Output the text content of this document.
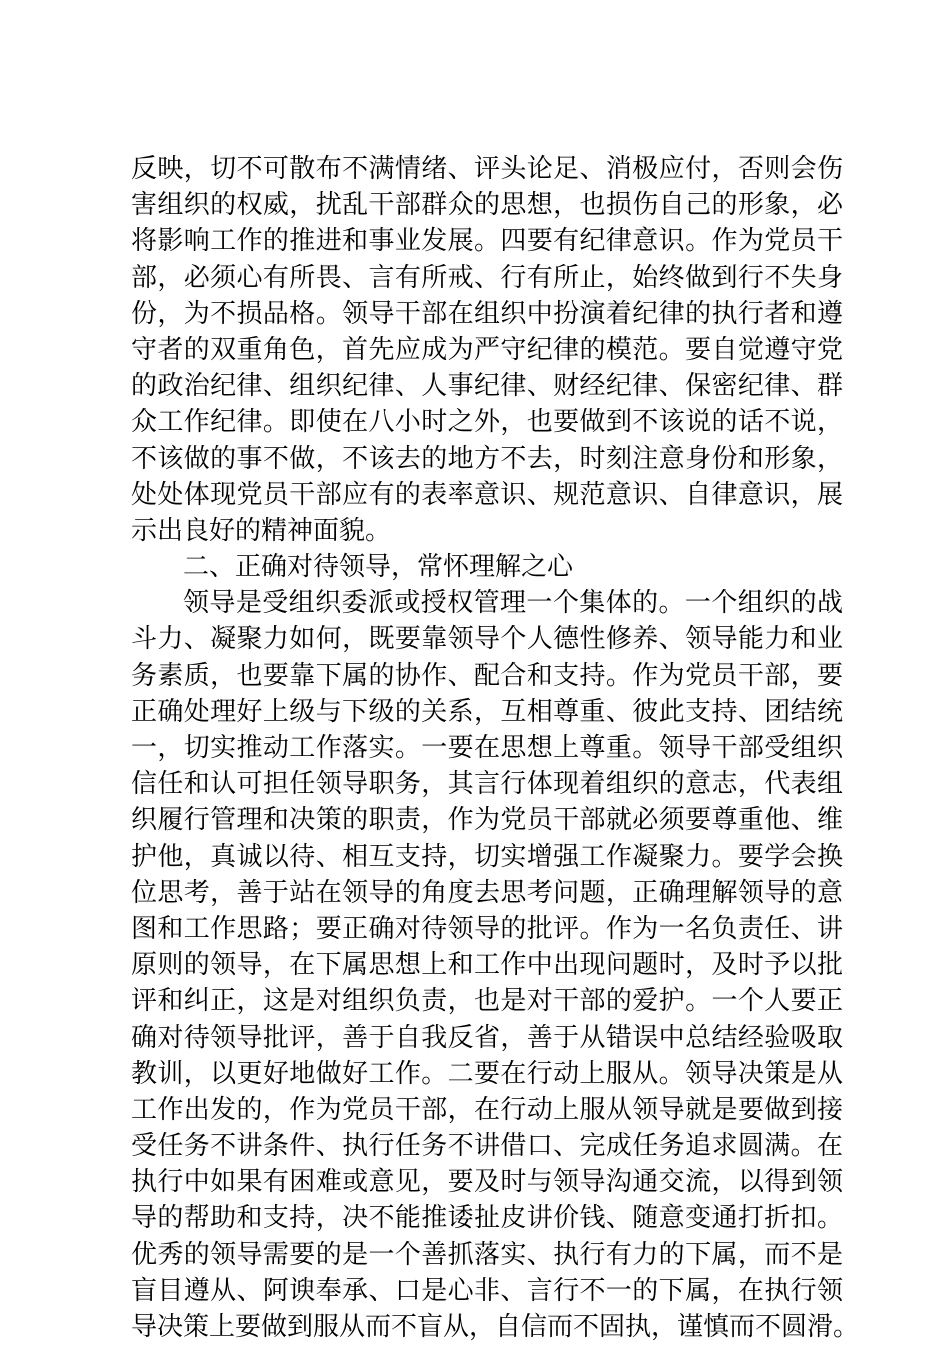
反映，切不可散布不满情绪、评头论足、消极应付，否则会伤
害组织的权威，扰乱干部群众的思想，也损伤自己的形象，必
将影响工作的推进和事业发展。四要有纪律意识。作为党员干
部，必须心有所畏、言有所戒、行有所止，始终做到行不失身
份，为不损品格。领导干部在组织中扮演着纪律的执行者和遵
守者的双重角色，首先应成为严守纪律的模范。要自觉遵守党
的政治纪律、组织纪律、人事纪律、财经纪律、保密纪律、群
众工作纪律。即使在八小时之外，也要做到不该说的话不说，
不该做的事不做，不该去的地方不去，时刻注意身份和形象，
处处体现党员干部应有的表率意识、规范意识、自律意识，展
示出良好的精神面貌。
二、正确对待领导，常怀理解之心
领导是受组织委派或授权管理一个集体的。一个组织的战
斗力、凝聚力如何，既要靠领导个人德性修养、领导能力和业
务素质，也要靠下属的协作、配合和支持。作为党员干部，要
正确处理好上级与下级的关系，互相尊重、彼此支持、团结统
一，切实推动工作落实。一要在思想上尊重。领导干部受组织
信任和认可担任领导职务，其言行体现着组织的意志，代表组
织履行管理和决策的职责，作为党员干部就必须要尊重他、维
护他，真诚以待、相互支持，切实增强工作凝聚力。要学会换
位思考，善于站在领导的角度去思考问题，正确理解领导的意
图和工作思路；要正确对待领导的批评。作为一名负责任、讲
原则的领导，在下属思想上和工作中出现问题时，及时予以批
评和纠正，这是对组织负责，也是对干部的爱护。一个人要正
确对待领导批评，善于自我反省，善于从错误中总结经验吸取
教训，以更好地做好工作。二要在行动上服从。领导决策是从
工作出发的，作为党员干部，在行动上服从领导就是要做到接
受任务不讲条件、执行任务不讲借口、完成任务追求圆满。在
执行中如果有困难或意见，要及时与领导沟通交流，以得到领
导的帮助和支持，决不能推诿扯皮讲价钱、随意变通打折扣。
优秀的领导需要的是一个善抓落实、执行有力的下属，而不是
盲目遵从、阿谀奉承、口是心非、言行不一的下属，在执行领
导决策上要做到服从而不盲从，自信而不固执，谨慎而不圆滑。
